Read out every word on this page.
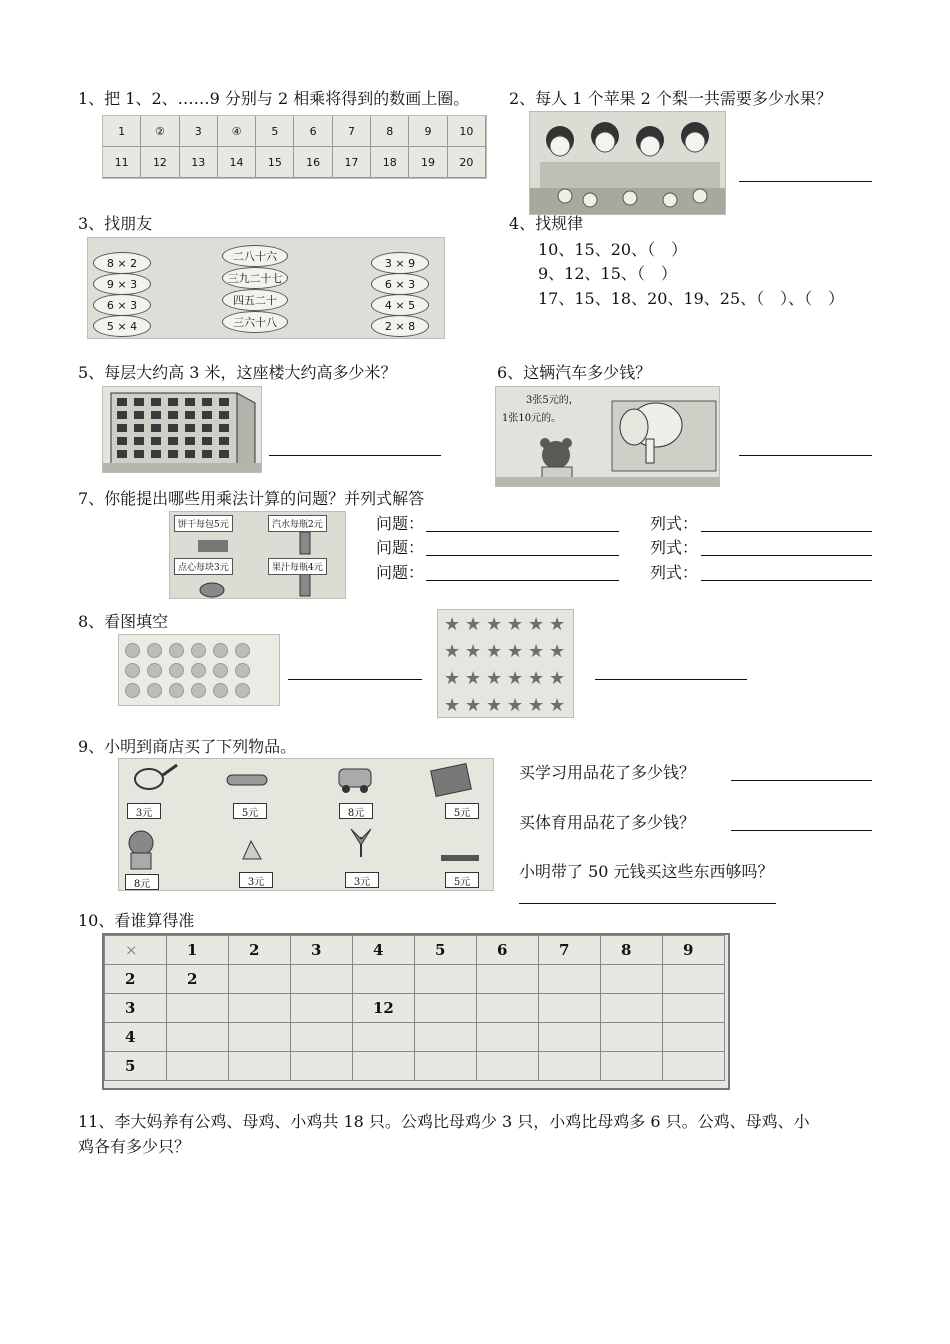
1、把 1、2、……9 分别与 2 相乘将得到的数画上圈。 2、每人 1 个苹果 2 个梨一共需要多少水果？
1	②	3	④	5	6	7	8	9	10
11	12	13	14	15	16	17	18	19	20
3、找朋友	4、找规律
8 × 2
9 × 3
6 × 3
5 × 4
二八十六
三九二十七
四五二十
三六十八
3 × 9
6 × 3
4 × 5
2 × 8
10、15、20、（　）
9、12、15、（　）
17、15、18、20、19、25、（　）、（　）
5、每层大约高 3 米，这座楼大约高多少米？	6、这辆汽车多少钱？
3张5元的，
1张10元的。
7、你能提出哪些用乘法计算的问题？并列式解答
饼干每包5元	汽水每瓶2元
点心每块3元	果汁每瓶4元
问题：	列式：
问题：	列式：
问题：	列式：
8、看图填空	★ ★ ★ ★ ★ ★
★ ★ ★ ★ ★ ★
★ ★ ★ ★ ★ ★
★ ★ ★ ★ ★ ★
9、小明到商店买了下列物品。
3元	5元	8元	5元
8元	3元	3元	5元
买学习用品花了多少钱？
买体育用品花了多少钱？
小明带了 50 元钱买这些东西够吗？
10、看谁算得准
×	1	2	3	4	5	6	7	8	9
2	2								
3				12					
4									
5									
11、李大妈养有公鸡、母鸡、小鸡共 18 只。公鸡比母鸡少 3 只，小鸡比母鸡多 6 只。公鸡、母鸡、小
鸡各有多少只？
